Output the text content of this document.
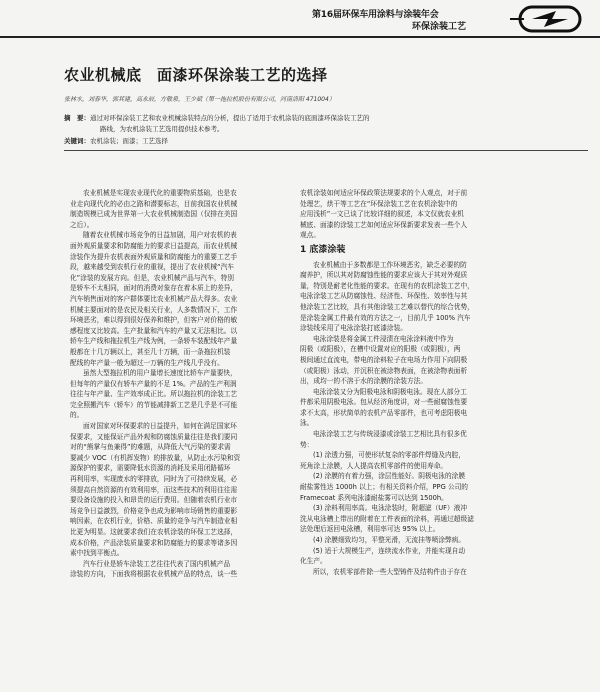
第16届环保车用涂料与涂装年会
环保涂装工艺
农业机械底　面漆环保涂装工艺的选择
张林水，刘春华，郭其建，高永辰，方敬泉，王少斌（第一拖拉机股份有限公司，河南洛阳 471004）
摘　要：通过对环保涂装工艺和农业机械涂装特点的分析，提出了适用于农机涂装的底面漆环保涂装工艺的
路线，为农机涂装工艺选用提供技术参考。
关键词：农机涂装；面漆；工艺选择
农业机械是实现农业现代化的重要物质基础，也是农
业走向现代化的必由之路和潜要标志，目前我国农业机械
制造规模已成为世界第一大农业机械制造国（仅排在美国
之后）。
随着农业机械市场竞争的日益加剧，用户对农机的表
面外观质量要求和防腐能力的要求日益提高，而农业机械
涂装作为提升农机表面外观质量和防腐能力的重要工艺手
段，越来越受到农机行业的重视，提出了农业机械“汽车
化”涂装的发展方向。但是，农业机械产品与汽车，特别
是轿车不太相同，面对的消费对象存在着本质上的差异，
汽车销售面对的客户群体要比农业机械产品大得多。农业
机械主要面对的是农民及相关行业，人多数情况下，工作
环境恶劣，难以得到很好保养和维护，但客户对价格的敏
感程度又比较高。生产批量和汽车的产量又无法相比。以
轿车生产线和拖拉机生产线为例，一条轿车装配线年产量
般都在十几万辆以上，甚至几十万辆，而一条拖拉机装
配线的年产量一般为超过一万辆的生产线几乎没有。
虽然大型拖拉机的用户量增长速度比轿车产量要快，
但每年的产量仅有轿车产量的不足 1%。产品的生产利润
往往与年产量、生产效率成正比。所以拖拉机的涂装工艺
完全照搬汽车（轿车）的节能减排新工艺是几乎是不可能
的。
面对国家对环保要求的日益提升，如何在满足国家环
保要求，又能保证产品外观和防腐蚀质量往往是我们要同
对的“熊掌与鱼兼得”的难题，从降低大气污染的要求需
要减少 VOC（有机挥发物）的排放量，从防止水污染和资
源保护的要求，需要降低水资源的消耗及采用闭路循环
再利用率，实现废水的零排放，同时为了可持续发展，必
须提高自然资源的有效利用率，而这些技术的利用往往需
要设备设施的投入和昂贵的运行费用。但随着农机行业市
场竞争日益激烈，价格竞争也成为影响市场销售的重要影
响因素，在农机行业，价格、质量的竞争与汽车制造业相
比更为明显。这就要求我们在农机涂装的环保工艺选择，
成本价格，产品涂装质量要求和防腐能力的要求等诸多因
素中找到平衡点。
汽车行业是轿车涂装工艺往往代表了国内机械产品
涂装的方向，下面我将根据农业机械产品的特点，谈一些
农机涂装如何适应环保政策法规要求的个人观点，对于前
处理艺，烘干等工艺在“环保涂装工艺在农机涂装中的
应用浅析”一文已谈了比较详细的叙述，本文仅就农业机
械底、面漆的涂装工艺如何适应环保新要求发表一些个人
观点。
1 底漆涂装
农业机械由于多数都是工作环境恶劣，缺乏必要的防
腐养护，所以其对防腐蚀性能的要求应该大于其对外观质
量，特别是耐老化性能的要求。在现有的农机涂装工艺中，
电泳涂装工艺从防腐蚀性、经济性、环保性、效率性与其
他涂装工艺比较，具有其他涂装工艺难以替代的综合优势，
是涂装金属工件最有效的方法之一，目前几乎 100% 汽车
涂装线采用了电泳涂装打底漆涂装。
电泳涂装是将金属工件浸渍在电泳涂料液中作为
阴极（或阳极），在槽中设置对应的阳极（或阴极），两
极间通过直流电，带电的涂料粒子在电场力作用下向阴极
（或阳极）泳动，并沉积在被涂物表面，在被涂物表面析
出，成均一的不溶于水的涂膜的涂装方法。
电泳涂装又分为阳极电泳和阴极电泳。现在人部分工
件都采用阴极电泳。包从经济角度讲，对一些耐腐蚀性要
求不太高，形状简单的农机产品零部件，也可考虑阳极电
泳。
电泳涂装工艺与传统浸漆或涂装工艺相比具有很多优
势：
(1) 涂透力强，可使形状复杂的零部件焊缝及内腔，
死角涂上涂膜，人人提高农机零部件的使用寿命。
(2) 涂膜的有着力强，涂层性能好。阴极电泳的涂膜
耐盐雾性达 1000h 以上；有相关资料介绍，PPG 公司的
Framecoat 系列电泳漆耐盐雾可以达到 1500h。
(3) 涂料利用率高。电泳涂装时，附超滤（UF）液冲
洗从电泳槽上带出的附着在工件表面的涂料，再通过超级滤
法处理后返回电泳槽，利用率可达 95% 以上。
(4) 涂膜细致均匀，平整光滑，无流挂等喷涂弊病。
(5) 适于大规模生产，连续流水作业，并能实现自动
化生产。
所以，农机零部件除一些大型铸件及结构件由于存在
